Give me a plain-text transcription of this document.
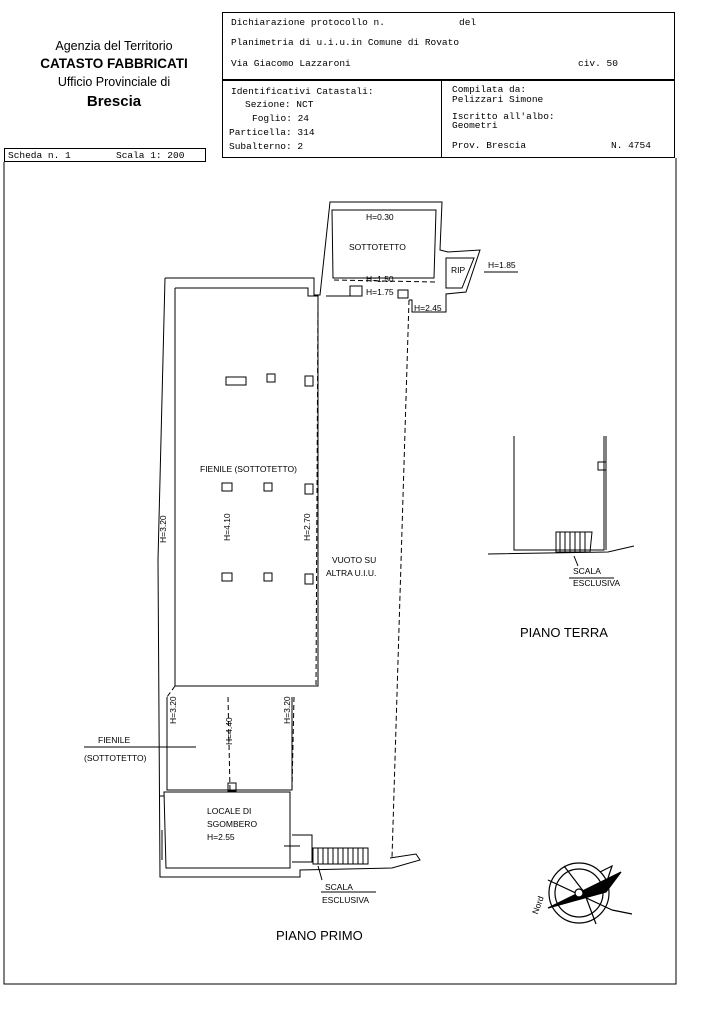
Agenzia del Territorio
CATASTO FABBRICATI
Ufficio Provinciale di
Brescia
Dichiarazione protocollo n.	del
Planimetria di u.i.u.in Comune di Rovato
Via Giacomo Lazzaroni	civ. 50
Identificativi Catastali:
Sezione: NCT
Foglio: 24
Particella: 314
Subalterno: 2
Compilata da:
Pelizzari Simone
Iscritto all'albo:
Geometri
Prov. Brescia	N. 4754
Scheda n. 1	Scala 1: 200
H=0.30
SOTTOTETTO
RIP	H=1.85
H=1.50
H=1.75
H=2.45
FIENILE (SOTTOTETTO)
H=3.20	H=4.10	H=2.70
VUOTO SU
ALTRA U.I.U.
H=3.20
H=4.40
H=3.20
FIENILE
(SOTTOTETTO)
LOCALE DI
SGOMBERO
H=2.55
SCALA
ESCLUSIVA
PIANO PRIMO
SCALA
ESCLUSIVA
PIANO TERRA
Nord
